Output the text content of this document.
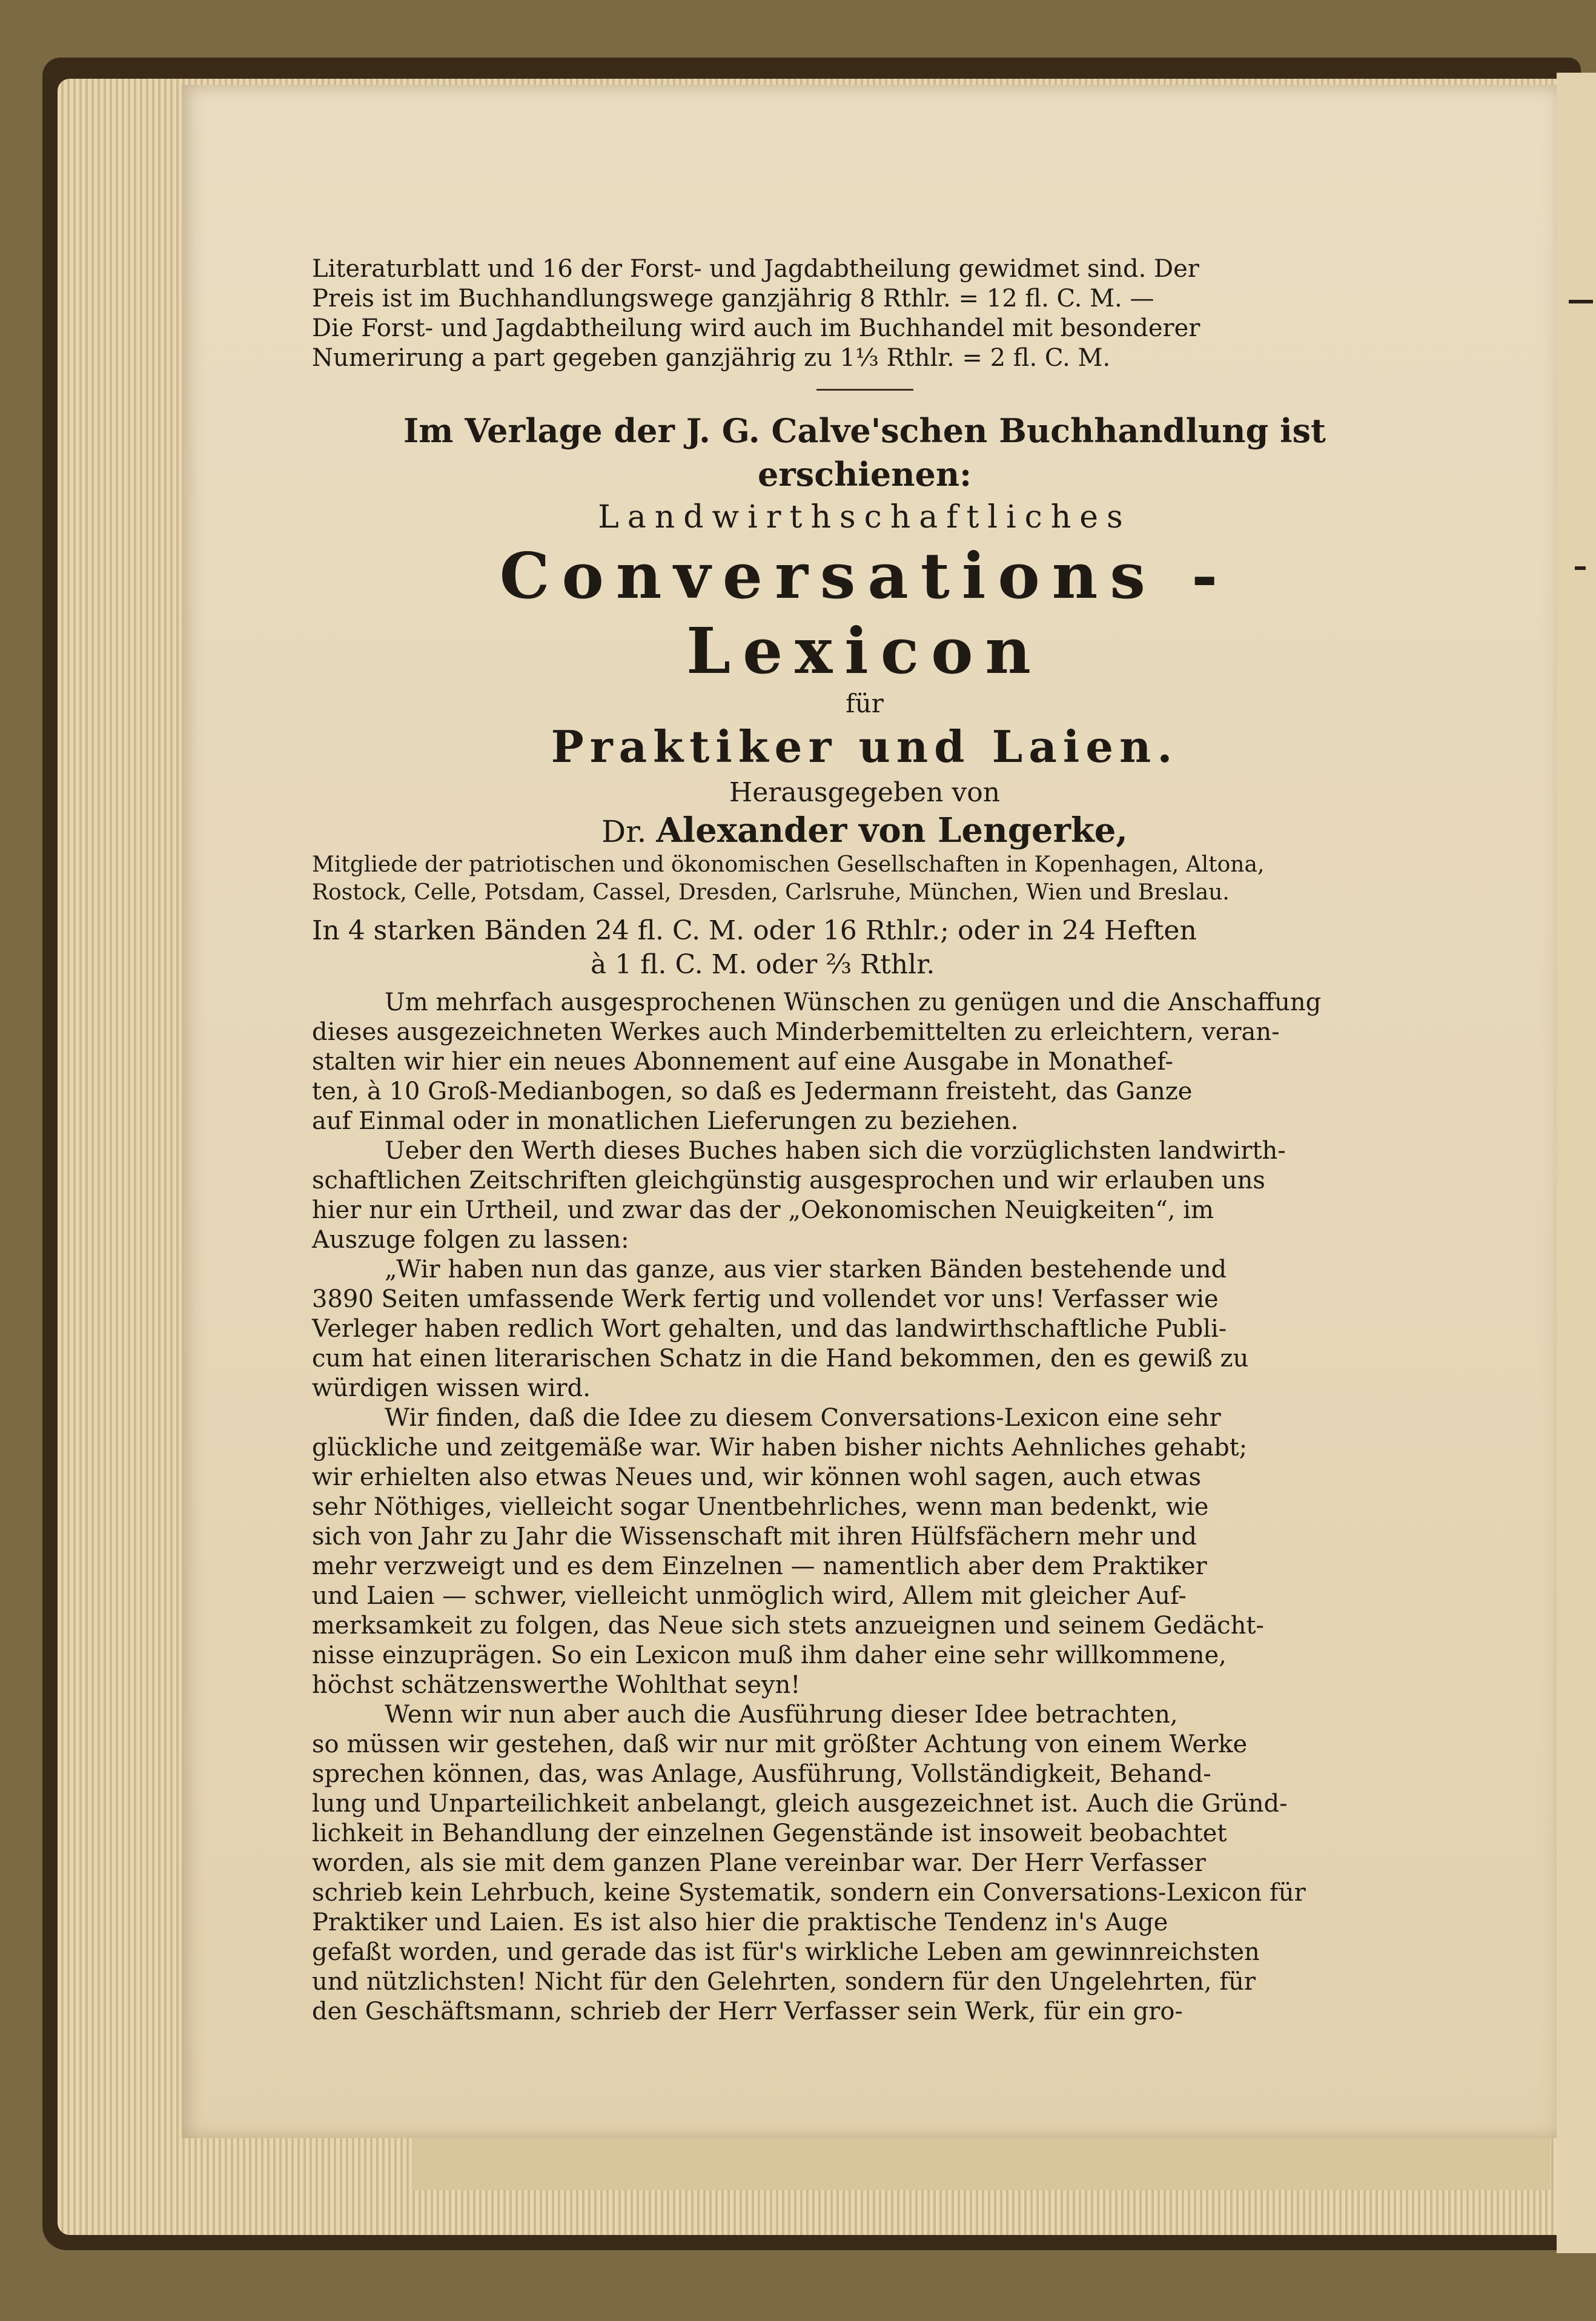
Literaturblatt und 16 der Forst- und Jagdabtheilung gewidmet sind. Der
Preis ist im Buchhandlungswege ganzjährig 8 Rthlr. = 12 fl. C. M. —
Die Forst- und Jagdabtheilung wird auch im Buchhandel mit besonderer
Numerirung a part gegeben ganzjährig zu 1⅓ Rthlr. = 2 fl. C. M.
Im Verlage der J. G. Calve'schen Buchhandlung ist erschienen:
Landwirthschaftliches
Conversations - Lexicon
für
Praktiker und Laien.
Herausgegeben von
Dr. Alexander von Lengerke,
Mitgliede der patriotischen und ökonomischen Gesellschaften in Kopenhagen, Altona,
Rostock, Celle, Potsdam, Cassel, Dresden, Carlsruhe, München, Wien und Breslau.
In 4 starken Bänden 24 fl. C. M. oder 16 Rthlr.; oder in 24 Heften
à 1 fl. C. M. oder ⅔ Rthlr.
Um mehrfach ausgesprochenen Wünschen zu genügen und die Anschaffung
dieses ausgezeichneten Werkes auch Minderbemittelten zu erleichtern, veran-
stalten wir hier ein neues Abonnement auf eine Ausgabe in Monathef-
ten, à 10 Groß-Medianbogen, so daß es Jedermann freisteht, das Ganze
auf Einmal oder in monatlichen Lieferungen zu beziehen.
Ueber den Werth dieses Buches haben sich die vorzüglichsten landwirth-
schaftlichen Zeitschriften gleichgünstig ausgesprochen und wir erlauben uns
hier nur ein Urtheil, und zwar das der „Oekonomischen Neuigkeiten“, im
Auszuge folgen zu lassen:
„Wir haben nun das ganze, aus vier starken Bänden bestehende und
3890 Seiten umfassende Werk fertig und vollendet vor uns! Verfasser wie
Verleger haben redlich Wort gehalten, und das landwirthschaftliche Publi-
cum hat einen literarischen Schatz in die Hand bekommen, den es gewiß zu
würdigen wissen wird.
Wir finden, daß die Idee zu diesem Conversations-Lexicon eine sehr
glückliche und zeitgemäße war. Wir haben bisher nichts Aehnliches gehabt;
wir erhielten also etwas Neues und, wir können wohl sagen, auch etwas
sehr Nöthiges, vielleicht sogar Unentbehrliches, wenn man bedenkt, wie
sich von Jahr zu Jahr die Wissenschaft mit ihren Hülfsfächern mehr und
mehr verzweigt und es dem Einzelnen — namentlich aber dem Praktiker
und Laien — schwer, vielleicht unmöglich wird, Allem mit gleicher Auf-
merksamkeit zu folgen, das Neue sich stets anzueignen und seinem Gedächt-
nisse einzuprägen. So ein Lexicon muß ihm daher eine sehr willkommene,
höchst schätzenswerthe Wohlthat seyn!
Wenn wir nun aber auch die Ausführung dieser Idee betrachten,
so müssen wir gestehen, daß wir nur mit größter Achtung von einem Werke
sprechen können, das, was Anlage, Ausführung, Vollständigkeit, Behand-
lung und Unparteilichkeit anbelangt, gleich ausgezeichnet ist. Auch die Gründ-
lichkeit in Behandlung der einzelnen Gegenstände ist insoweit beobachtet
worden, als sie mit dem ganzen Plane vereinbar war. Der Herr Verfasser
schrieb kein Lehrbuch, keine Systematik, sondern ein Conversations-Lexicon für
Praktiker und Laien. Es ist also hier die praktische Tendenz in's Auge
gefaßt worden, und gerade das ist für's wirkliche Leben am gewinnreichsten
und nützlichsten! Nicht für den Gelehrten, sondern für den Ungelehrten, für
den Geschäftsmann, schrieb der Herr Verfasser sein Werk, für ein gro-
